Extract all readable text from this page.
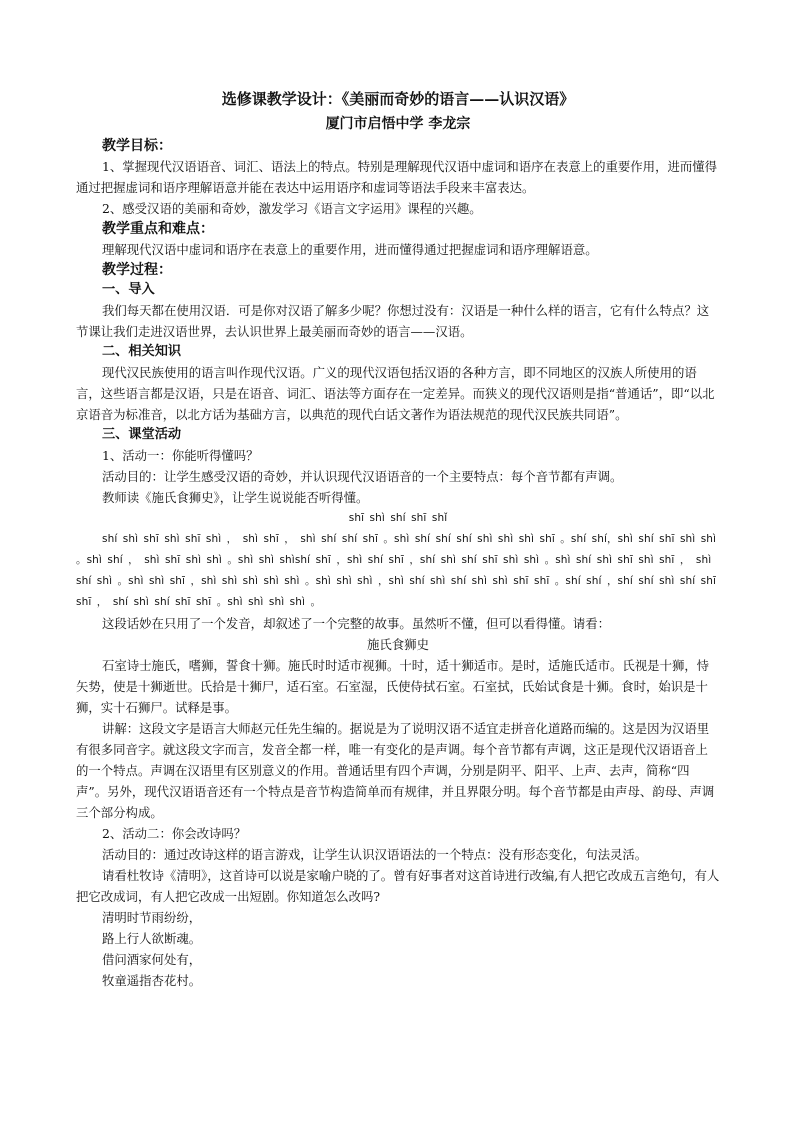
选修课教学设计：《美丽而奇妙的语言——认识汉语》

厦门市启悟中学 李龙宗

教学目标：

1、掌握现代汉语语音、词汇、语法上的特点。特别是理解现代汉语中虚词和语序在表意上的重要作用，进而懂得通过把握虚词和语序理解语意并能在表达中运用语序和虚词等语法手段来丰富表达。

2、感受汉语的美丽和奇妙，激发学习《语言文字运用》课程的兴趣。

教学重点和难点：

理解现代汉语中虚词和语序在表意上的重要作用，进而懂得通过把握虚词和语序理解语意。

教学过程：

一、导入

我们每天都在使用汉语．可是你对汉语了解多少呢？你想过没有：汉语是一种什么样的语言，它有什么特点？这节课让我们走进汉语世界，去认识世界上最美丽而奇妙的语言——汉语。

二、相关知识

现代汉民族使用的语言叫作现代汉语。广义的现代汉语包括汉语的各种方言，即不同地区的汉族人所使用的语言，这些语言都是汉语，只是在语音、词汇、语法等方面存在一定差异。而狭义的现代汉语则是指“普通话”，即“以北京语音为标准音，以北方话为基础方言，以典范的现代白话文著作为语法规范的现代汉民族共同语”。

三、课堂活动

1、活动一：你能听得懂吗？

活动目的：让学生感受汉语的奇妙，并认识现代汉语语音的一个主要特点：每个音节都有声调。

教师读《施氏食狮史》，让学生说说能否听得懂。

shī shì shí shī shǐ

shí shì shī shì shī shì ， shì shī ， shì shí shí shī 。shì shí shí shí shì shì shì shī 。shí shí，shì shí shī shì shì 。shì shí ， shì shī shì shì 。shì shì shìshí shī ，shì shí shī ，shí shì shí shī shì shì 。shì shí shì shī shì shī ， shì shí shì 。shì shì shī ，shì shì shì shì shì 。shì shì shì ，shì shí shì shí shì shì shī shī 。shí shí ，shí shí shì shí shī shī ， shí shì shí shī shī 。shì shì shì shì 。

这段话妙在只用了一个发音，却叙述了一个完整的故事。虽然听不懂，但可以看得懂。请看：

施氏食狮史

石室诗士施氏，嗜狮，誓食十狮。施氏时时适市视狮。十时，适十狮适市。是时，适施氏适市。氏视是十狮，恃矢势，使是十狮逝世。氏拾是十狮尸，适石室。石室湿，氏使侍拭石室。石室拭，氏始试食是十狮。食时，始识是十狮，实十石狮尸。试释是事。

讲解：这段文字是语言大师赵元任先生编的。据说是为了说明汉语不适宜走拼音化道路而编的。这是因为汉语里有很多同音字。就这段文字而言，发音全都一样，唯一有变化的是声调。每个音节都有声调，这正是现代汉语语音上的一个特点。声调在汉语里有区别意义的作用。普通话里有四个声调，分别是阴平、阳平、上声、去声，简称“四声”。另外，现代汉语语音还有一个特点是音节构造简单而有规律，并且界限分明。每个音节都是由声母、韵母、声调三个部分构成。

2、活动二：你会改诗吗？

活动目的：通过改诗这样的语言游戏，让学生认识汉语语法的一个特点：没有形态变化，句法灵活。

请看杜牧诗《清明》，这首诗可以说是家喻户晓的了。曾有好事者对这首诗进行改编,有人把它改成五言绝句，有人把它改成词，有人把它改成一出短剧。你知道怎么改吗?

清明时节雨纷纷，

路上行人欲断魂。

借问酒家何处有，

牧童遥指杏花村。
